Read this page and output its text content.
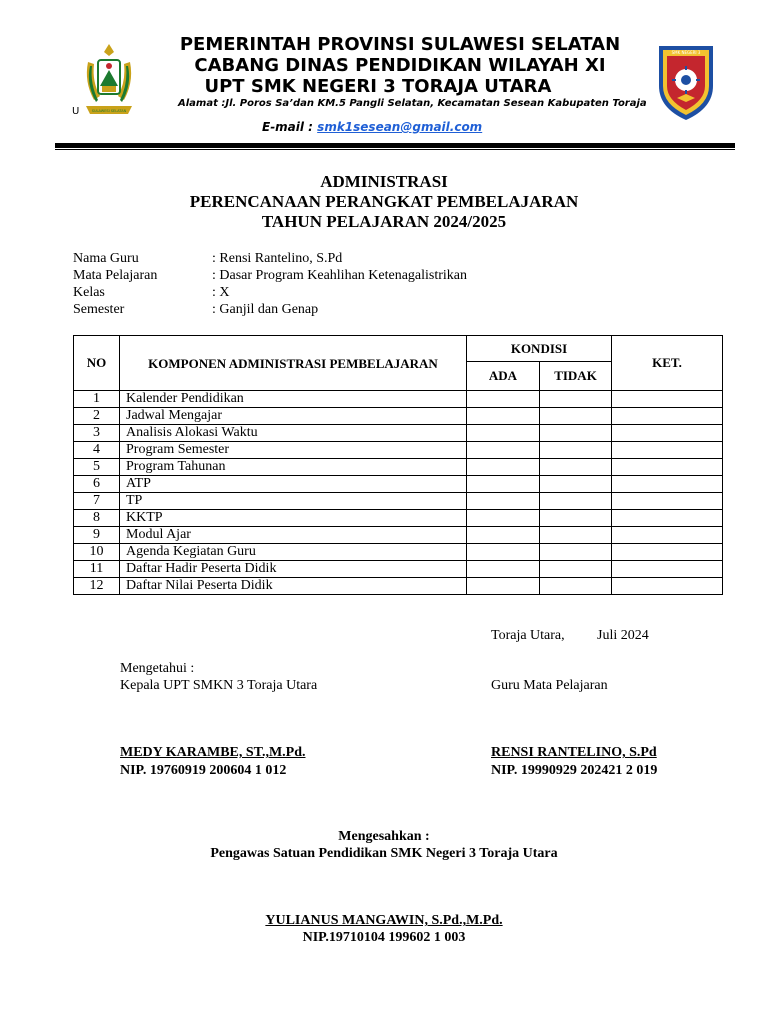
SULAWESI SELATAN
SMK NEGERI 3
PEMERINTAH PROVINSI SULAWESI SELATAN
CABANG DINAS PENDIDIKAN WILAYAH XI
UPT SMK NEGERI 3 TORAJA UTARA
U
Alamat :Jl. Poros Sa’dan KM.5 Pangli Selatan, Kecamatan Sesean Kabupaten Toraja
E-mail : smk1sesean@gmail.com
ADMINISTRASI
PERENCANAAN PERANGKAT PEMBELAJARAN
TAHUN PELAJARAN 2024/2025
Nama Guru	: Rensi Rantelino, S.Pd
Mata Pelajaran	: Dasar Program Keahlihan Ketenagalistrikan
Kelas	: X
Semester	: Ganjil dan Genap
NO	KOMPONEN ADMINISTRASI PEMBELAJARAN	KONDISI		KET.
		ADA	TIDAK	
1	Kalender Pendidikan			
2	Jadwal Mengajar			
3	Analisis Alokasi Waktu			
4	Program Semester			
5	Program Tahunan			
6	ATP			
7	TP			
8	KKTP			
9	Modul Ajar			
10	Agenda Kegiatan Guru			
11	Daftar Hadir Peserta Didik			
12	Daftar Nilai Peserta Didik			
Toraja Utara, Juli 2024
Mengetahui :
Kepala UPT SMKN 3 Toraja Utara	Guru Mata Pelajaran
MEDY KARAMBE, ST.,M.Pd.
NIP. 19760919 200604 1 012
RENSI RANTELINO, S.Pd
NIP. 19990929 202421 2 019
Mengesahkan :
Pengawas Satuan Pendidikan SMK Negeri 3 Toraja Utara
YULIANUS MANGAWIN, S.Pd.,M.Pd.
NIP.19710104 199602 1 003
